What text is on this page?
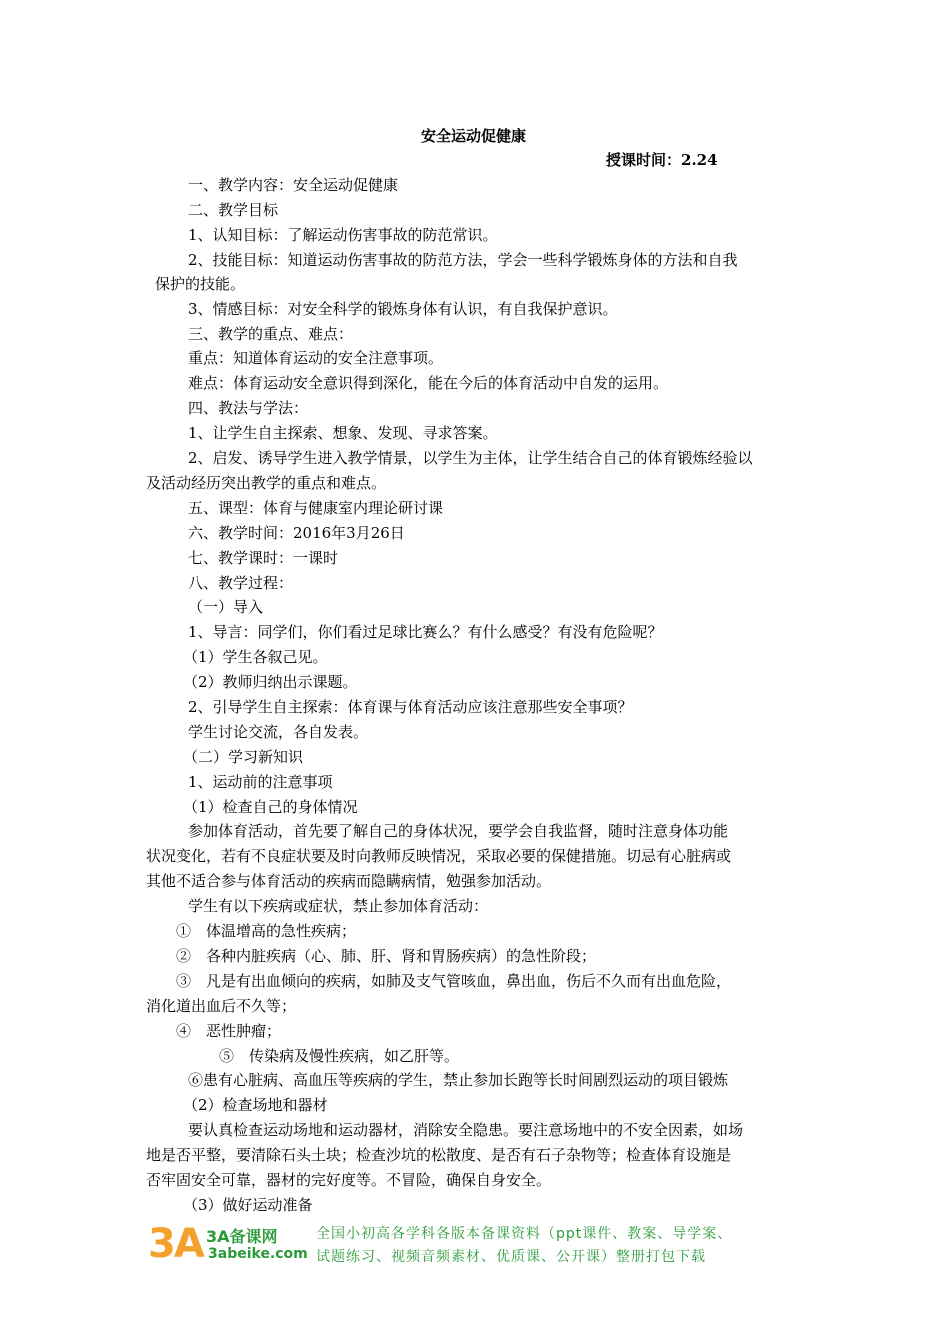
安全运动促健康
授课时间：2.24
一、教学内容：安全运动促健康
二、教学目标
1、认知目标：了解运动伤害事故的防范常识。
2、技能目标：知道运动伤害事故的防范方法，学会一些科学锻炼身体的方法和自我
保护的技能。
3、情感目标：对安全科学的锻炼身体有认识，有自我保护意识。
三、教学的重点、难点：
重点：知道体育运动的安全注意事项。
难点：体育运动安全意识得到深化，能在今后的体育活动中自发的运用。
四、教法与学法：
1、让学生自主探索、想象、发现、寻求答案。
2、启发、诱导学生进入教学情景，以学生为主体，让学生结合自己的体育锻炼经验以
及活动经历突出教学的重点和难点。
五、课型：体育与健康室内理论研讨课
六、教学时间：2016年3月26日
七、教学课时：一课时
八、教学过程：
（一）导入
1、导言：同学们，你们看过足球比赛么？有什么感受？有没有危险呢？
（1）学生各叙己见。
（2）教师归纳出示课题。
2、引导学生自主探索：体育课与体育活动应该注意那些安全事项？
学生讨论交流，各自发表。
（二）学习新知识
1、运动前的注意事项
（1）检查自己的身体情况
参加体育活动，首先要了解自己的身体状况，要学会自我监督，随时注意身体功能
状况变化，若有不良症状要及时向教师反映情况，采取必要的保健措施。切忌有心脏病或
其他不适合参与体育活动的疾病而隐瞒病情，勉强参加活动。
学生有以下疾病或症状，禁止参加体育活动：
①　体温增高的急性疾病；
②　各种内脏疾病（心、肺、肝、肾和胃肠疾病）的急性阶段；
③　凡是有出血倾向的疾病，如肺及支气管咳血，鼻出血，伤后不久而有出血危险，
消化道出血后不久等；
④　恶性肿瘤；
⑤　传染病及慢性疾病，如乙肝等。
⑥患有心脏病、高血压等疾病的学生，禁止参加长跑等长时间剧烈运动的项目锻炼
（2）检查场地和器材
要认真检查运动场地和运动器材，消除安全隐患。要注意场地中的不安全因素，如场
地是否平整，要清除石头土块；检查沙坑的松散度、是否有石子杂物等；检查体育设施是
否牢固安全可靠，器材的完好度等。不冒险，确保自身安全。
（3）做好运动准备
3A 3A备课网
3abeike.com
全国小初高各学科各版本备课资料（ppt课件、教案、导学案、
试题练习、视频音频素材、优质课、公开课）整册打包下载
